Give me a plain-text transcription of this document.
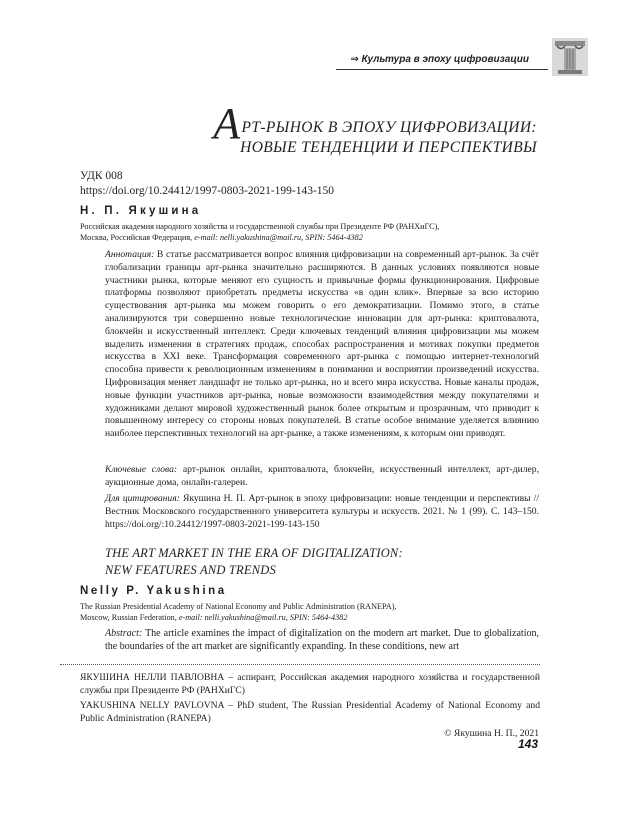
⇒ Культура в эпоху цифровизации
АРТ-РЫНОК В ЭПОХУ ЦИФРОВИЗАЦИИ:
НОВЫЕ ТЕНДЕНЦИИ И ПЕРСПЕКТИВЫ
УДК 008
https://doi.org/10.24412/1997-0803-2021-199-143-150
Н. П. Якушина
Российская академия народного хозяйства и государственной службы при Президенте РФ (РАНХиГС),
Москва, Российская Федерация, e-mail: nelli.yakushina@mail.ru, SPIN: 5464-4382
Аннотация: В статье рассматривается вопрос влияния цифровизации на современный арт-рынок. За счёт глобализации границы арт-рынка значительно расширяются. В данных условиях появляются новые участники рынка, которые меняют его сущность и привычные формы функционирования. Цифровые платформы позволяют приобретать предметы искусства «в один клик». Впервые за всю историю существования арт-рынка мы можем говорить о его демократизации. Помимо этого, в статье анализируются три совершенно новые технологические инновации для арт-рынка: криптовалюта, блокчейн и искусственный интеллект. Среди ключевых тенденций влияния цифровизации мы можем выделить изменения в стратегиях продаж, способах распространения и мотивах покупки предметов искусства в XXI веке. Трансформация современного арт-рынка с помощью интернет-технологий способна привести к революционным изменениям в понимании и восприятии произведений искусства. Цифровизация меняет ландшафт не только арт-рынка, но и всего мира искусства. Новые каналы продаж, новые функции участников арт-рынка, новые возможности взаимодействия между покупателями и художниками делают мировой художественный рынок более открытым и прозрачным, что приводит к повышенному интересу со стороны новых покупателей. В статье особое внимание уделяется влиянию наиболее перспективных технологий на арт-рынке, а также изменениям, к которым они приводят.
Ключевые слова: арт-рынок онлайн, криптовалюта, блокчейн, искусственный интеллект, арт-дилер, аукционные дома, онлайн-галереи.
Для цитирования: Якушина Н. П. Арт-рынок в эпоху цифровизации: новые тенденции и перспективы // Вестник Московского государственного университета культуры и искусств. 2021. № 1 (99). С. 143–150. https://doi.org/:10.24412/1997-0803-2021-199-143-150
THE ART MARKET IN THE ERA OF DIGITALIZATION:
NEW FEATURES AND TRENDS
Nelly P. Yakushina
The Russian Presidential Academy of National Economy and Public Administration (RANEPA),
Moscow, Russian Federation, e-mail: nelli.yakushina@mail.ru, SPIN: 5464-4382
Abstract: The article examines the impact of digitalization on the modern art market. Due to globalization, the boundaries of the art market are significantly expanding. In these conditions, new art
ЯКУШИНА НЕЛЛИ ПАВЛОВНА – аспирант, Российская академия народного хозяйства и государственной службы при Президенте РФ (РАНХиГС)
YAKUSHINA NELLY PAVLOVNA – PhD student, The Russian Presidential Academy of National Economy and Public Administration (RANEPA)
© Якушина Н. П., 2021
143
